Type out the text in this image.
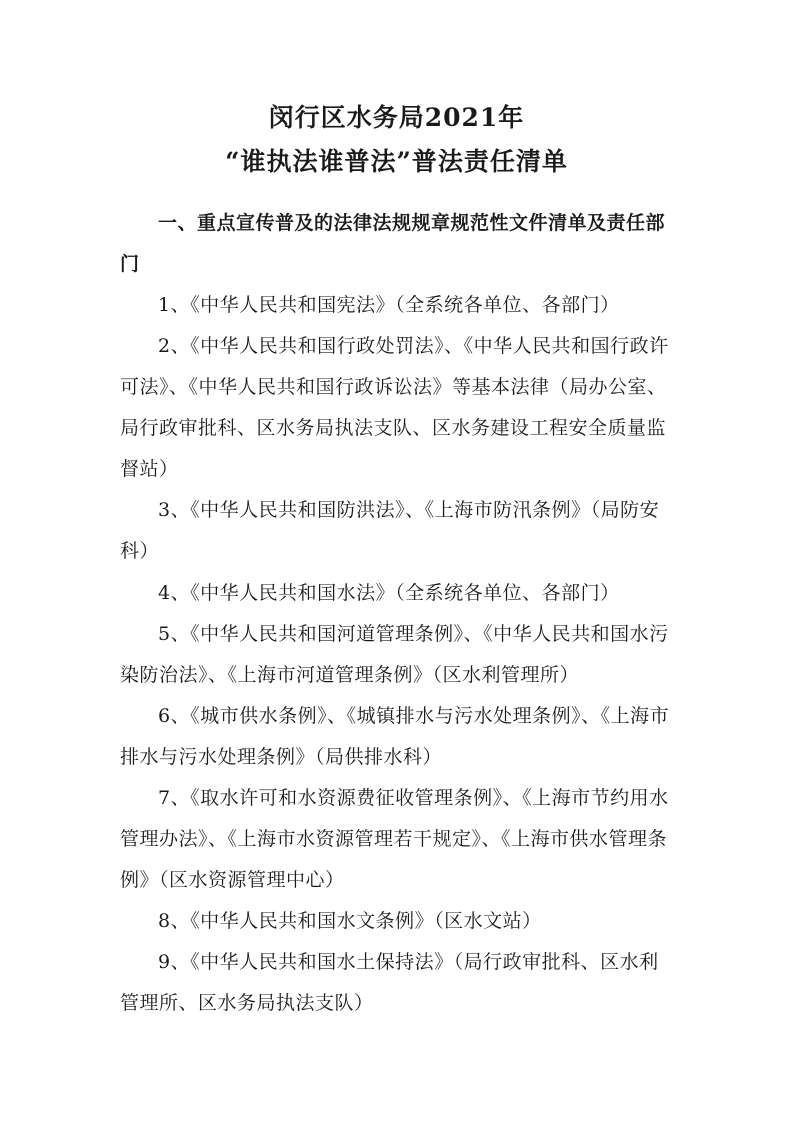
闵行区水务局2021年
“谁执法谁普法”普法责任清单
一、重点宣传普及的法律法规规章规范性文件清单及责任部
门

1、《中华人民共和国宪法》（全系统各单位、各部门）

2、《中华人民共和国行政处罚法》、《中华人民共和国行政许

可法》、《中华人民共和国行政诉讼法》等基本法律（局办公室、

局行政审批科、区水务局执法支队、区水务建设工程安全质量监

督站）

3、《中华人民共和国防洪法》、《上海市防汛条例》（局防安

科）

4、《中华人民共和国水法》（全系统各单位、各部门）

5、《中华人民共和国河道管理条例》、《中华人民共和国水污

染防治法》、《上海市河道管理条例》（区水利管理所）

6、《城市供水条例》、《城镇排水与污水处理条例》、《上海市

排水与污水处理条例》（局供排水科）

7、《取水许可和水资源费征收管理条例》、《上海市节约用水

管理办法》、《上海市水资源管理若干规定》、《上海市供水管理条

例》（区水资源管理中心）

8、《中华人民共和国水文条例》（区水文站）

9、《中华人民共和国水土保持法》（局行政审批科、区水利

管理所、区水务局执法支队）
